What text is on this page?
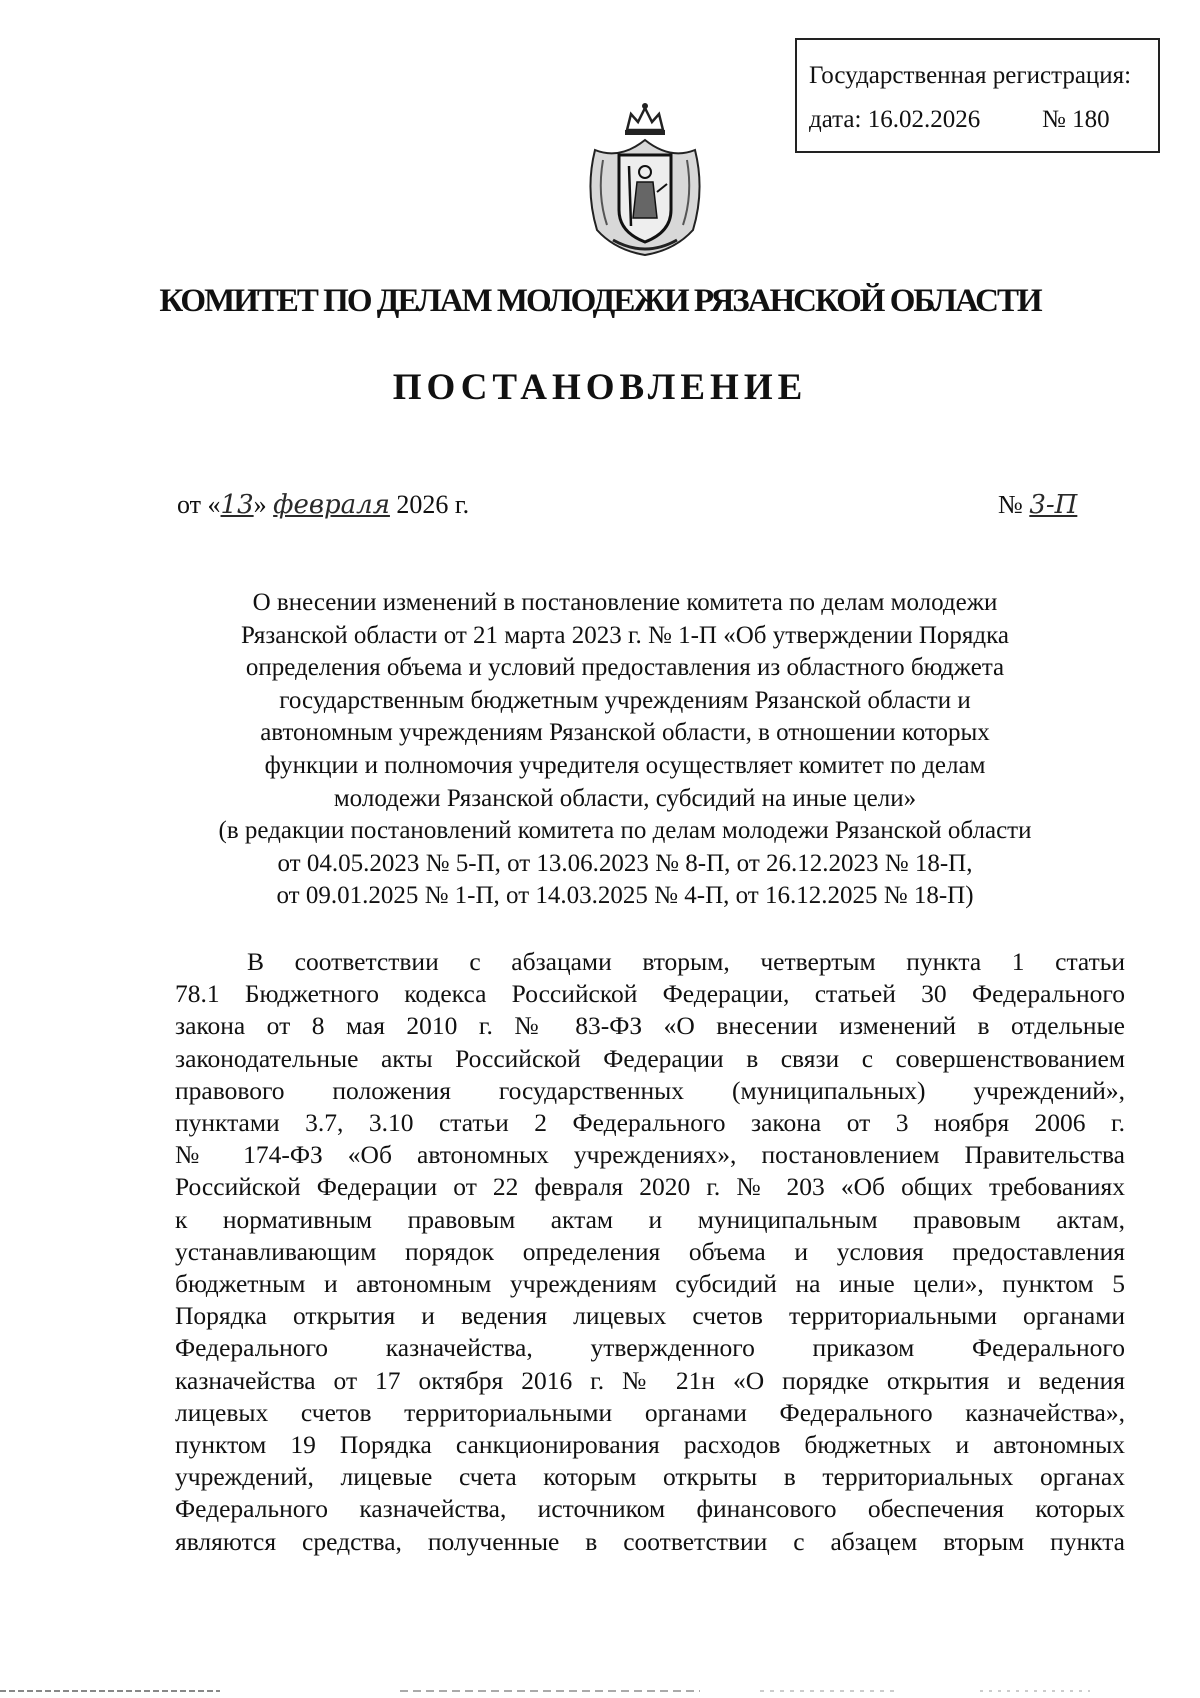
Государственная регистрация:
дата: 16.02.2026 № 180
КОМИТЕТ ПО ДЕЛАМ МОЛОДЕЖИ РЯЗАНСКОЙ ОБЛАСТИ
ПОСТАНОВЛЕНИЕ
от «13» февраля 2026 г.	№ 3-П
О внесении изменений в постановление комитета по делам молодежи
Рязанской области от 21 марта 2023 г. № 1-П «Об утверждении Порядка
определения объема и условий предоставления из областного бюджета
государственным бюджетным учреждениям Рязанской области и
автономным учреждениям Рязанской области, в отношении которых
функции и полномочия учредителя осуществляет комитет по делам
молодежи Рязанской области, субсидий на иные цели»
(в редакции постановлений комитета по делам молодежи Рязанской области
от 04.05.2023 № 5-П, от 13.06.2023 № 8-П, от 26.12.2023 № 18-П,
от 09.01.2025 № 1-П, от 14.03.2025 № 4-П, от 16.12.2025 № 18-П)
В соответствии с абзацами вторым, четвертым пункта 1 статьи
78.1 Бюджетного кодекса Российской Федерации, статьей 30 Федерального
закона от 8 мая 2010 г. № 83-ФЗ «О внесении изменений в отдельные
законодательные акты Российской Федерации в связи с совершенствованием
правового положения государственных (муниципальных) учреждений»,
пунктами 3.7, 3.10 статьи 2 Федерального закона от 3 ноября 2006 г.
№ 174-ФЗ «Об автономных учреждениях», постановлением Правительства
Российской Федерации от 22 февраля 2020 г. № 203 «Об общих требованиях
к нормативным правовым актам и муниципальным правовым актам,
устанавливающим порядок определения объема и условия предоставления
бюджетным и автономным учреждениям субсидий на иные цели», пунктом 5
Порядка открытия и ведения лицевых счетов территориальными органами
Федерального казначейства, утвержденного приказом Федерального
казначейства от 17 октября 2016 г. № 21н «О порядке открытия и ведения
лицевых счетов территориальными органами Федерального казначейства»,
пунктом 19 Порядка санкционирования расходов бюджетных и автономных
учреждений, лицевые счета которым открыты в территориальных органах
Федерального казначейства, источником финансового обеспечения которых
являются средства, полученные в соответствии с абзацем вторым пункта
